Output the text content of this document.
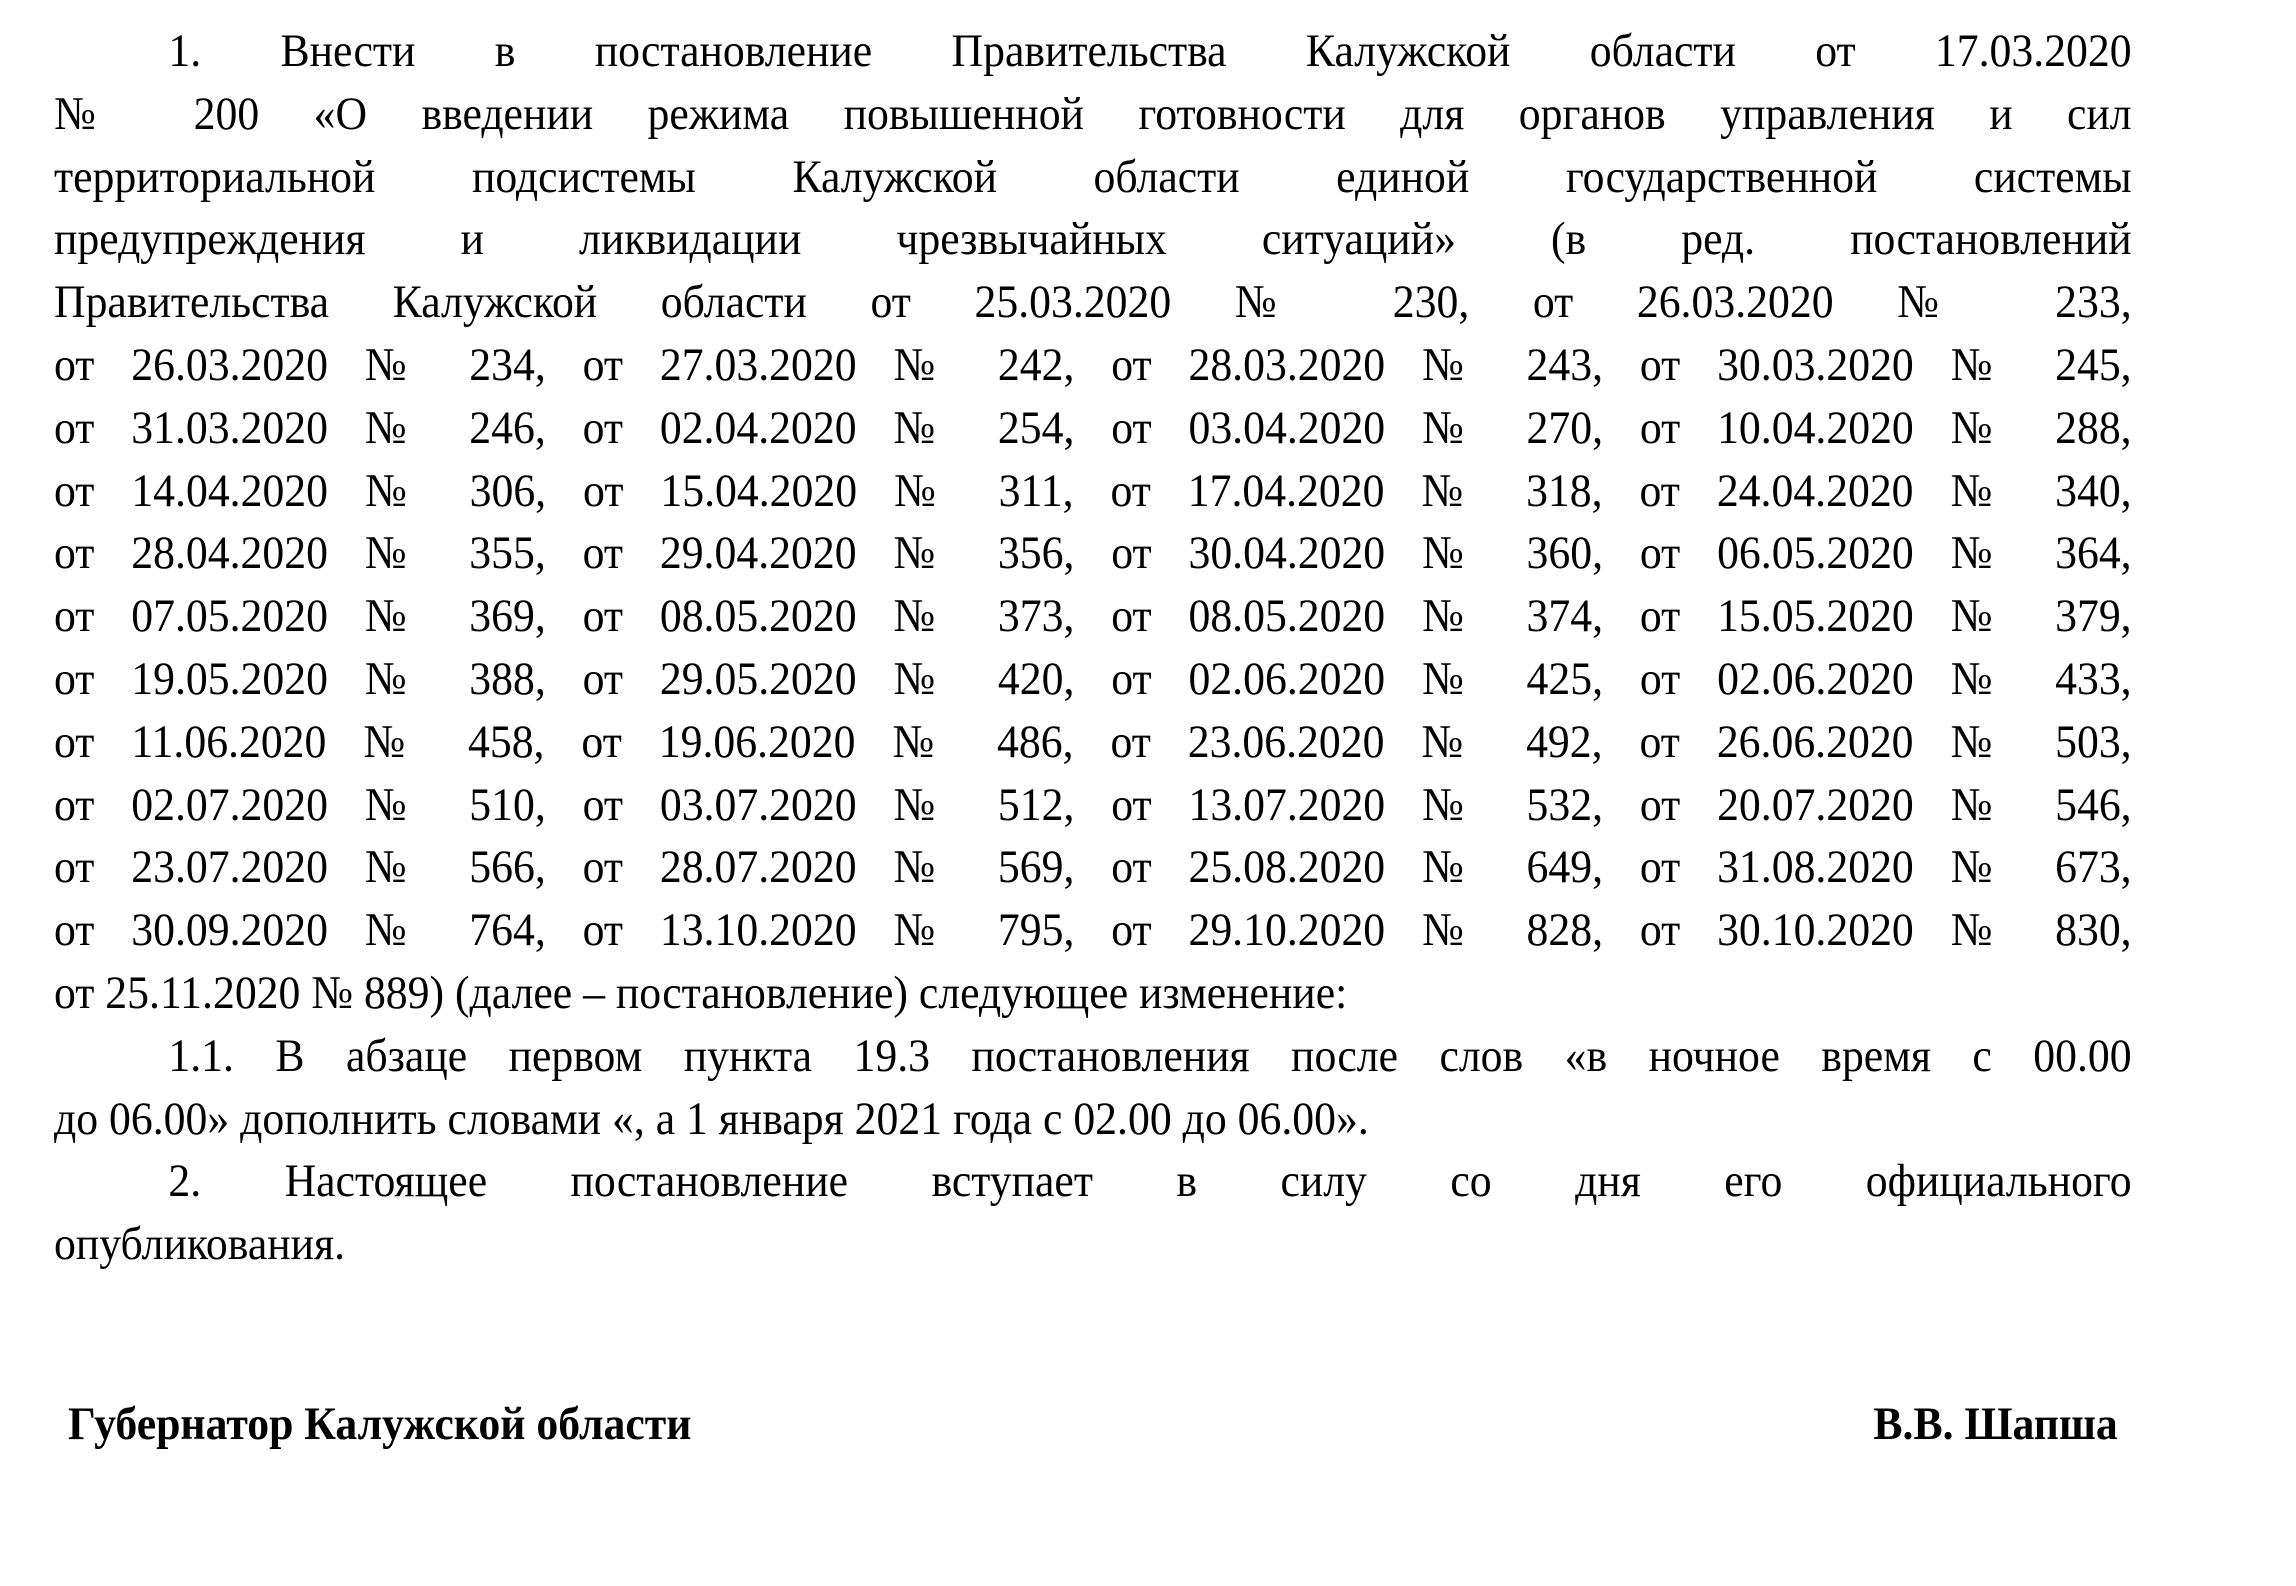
1. Внести в постановление Правительства Калужской области от 17.03.2020
№ 200 «О введении режима повышенной готовности для органов управления и сил
территориальной подсистемы Калужской области единой государственной системы
предупреждения и ликвидации чрезвычайных ситуаций» (в ред. постановлений
Правительства Калужской области от 25.03.2020 № 230, от 26.03.2020 № 233,
от 26.03.2020 № 234, от 27.03.2020 № 242, от 28.03.2020 № 243, от 30.03.2020 № 245,
от 31.03.2020 № 246, от 02.04.2020 № 254, от 03.04.2020 № 270, от 10.04.2020 № 288,
от 14.04.2020 № 306, от 15.04.2020 № 311, от 17.04.2020 № 318, от 24.04.2020 № 340,
от 28.04.2020 № 355, от 29.04.2020 № 356, от 30.04.2020 № 360, от 06.05.2020 № 364,
от 07.05.2020 № 369, от 08.05.2020 № 373, от 08.05.2020 № 374, от 15.05.2020 № 379,
от 19.05.2020 № 388, от 29.05.2020 № 420, от 02.06.2020 № 425, от 02.06.2020 № 433,
от 11.06.2020 № 458, от 19.06.2020 № 486, от 23.06.2020 № 492, от 26.06.2020 № 503,
от 02.07.2020 № 510, от 03.07.2020 № 512, от 13.07.2020 № 532, от 20.07.2020 № 546,
от 23.07.2020 № 566, от 28.07.2020 № 569, от 25.08.2020 № 649, от 31.08.2020 № 673,
от 30.09.2020 № 764, от 13.10.2020 № 795, от 29.10.2020 № 828, от 30.10.2020 № 830,
от 25.11.2020 № 889) (далее – постановление) следующее изменение:
1.1. В абзаце первом пункта 19.3 постановления после слов «в ночное время с 00.00
до 06.00» дополнить словами «, а 1 января 2021 года с 02.00 до 06.00».
2. Настоящее постановление вступает в силу со дня его официального
опубликования.
Губернатор Калужской области	В.В. Шапша
